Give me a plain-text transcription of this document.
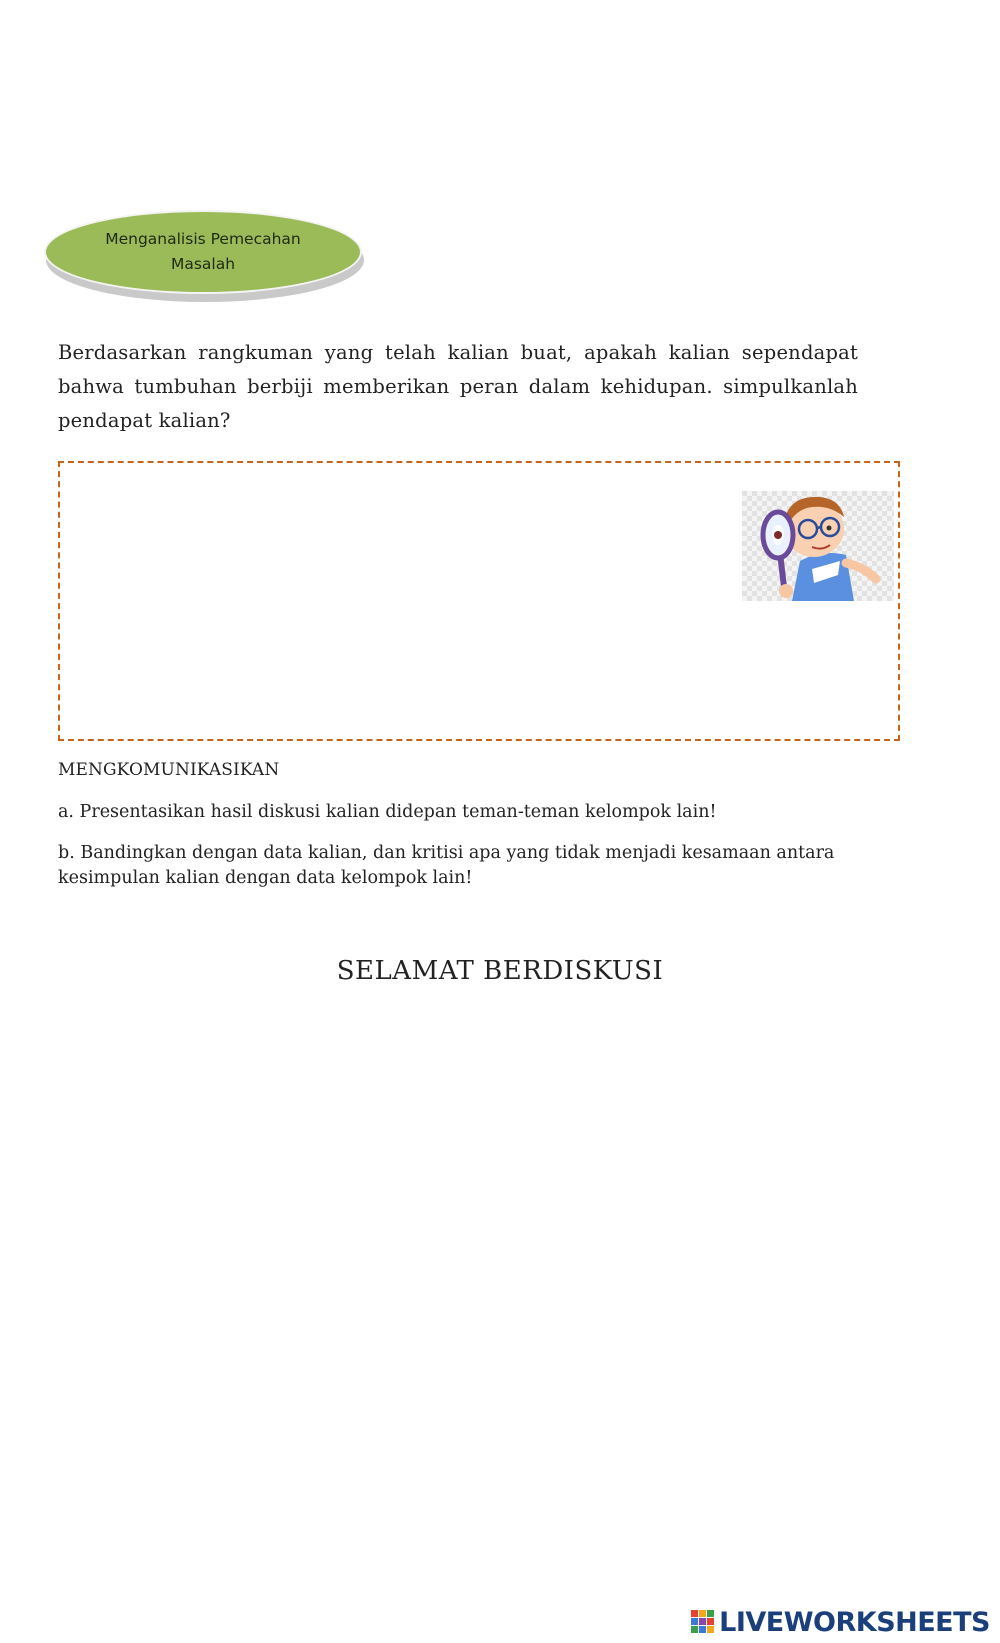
Menganalisis Pemecahan Masalah
Berdasarkan rangkuman yang telah kalian buat, apakah kalian sependapat bahwa tumbuhan berbiji memberikan peran dalam kehidupan. simpulkanlah pendapat kalian?
MENGKOMUNIKASIKAN
a. Presentasikan hasil diskusi kalian didepan teman-teman kelompok lain!
b. Bandingkan dengan data kalian, dan kritisi apa yang tidak menjadi kesamaan antara kesimpulan kalian dengan data kelompok lain!
SELAMAT BERDISKUSI
LIVEWORKSHEETS
